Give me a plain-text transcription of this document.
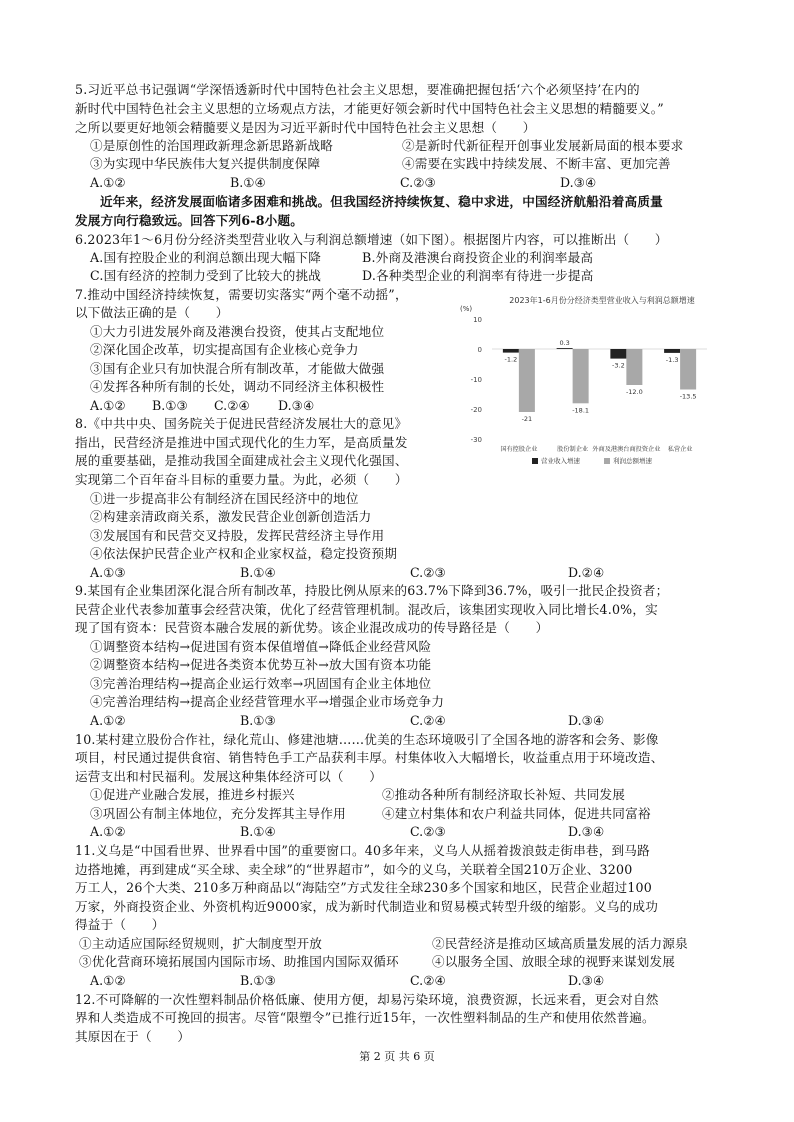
5.习近平总书记强调“学深悟透新时代中国特色社会主义思想，要准确把握包括‘六个必须坚持’在内的
新时代中国特色社会主义思想的立场观点方法，才能更好领会新时代中国特色社会主义思想的精髓要义。”
之所以要更好地领会精髓要义是因为习近平新时代中国特色社会主义思想（　　）
①是原创性的治国理政新理念新思路新战略	②是新时代新征程开创事业发展新局面的根本要求
③为实现中华民族伟大复兴提供制度保障	④需要在实践中持续发展、不断丰富、更加完善
A.①②	B.①④	C.②③	D.③④
近年来，经济发展面临诸多困难和挑战。但我国经济持续恢复、稳中求进，中国经济航船沿着高质量
发展方向行稳致远。回答下列6-8小题。
6.2023年1～6月份分经济类型营业收入与利润总额增速（如下图）。根据图片内容，可以推断出（　　）
A.国有控股企业的利润总额出现大幅下降	B.外商及港澳台商投资企业的利润率最高
C.国有经济的控制力受到了比较大的挑战	D.各种类型企业的利润率有待进一步提高
7.推动中国经济持续恢复，需要切实落实“两个毫不动摇”，
以下做法正确的是（　　）
①大力引进发展外商及港澳台投资，使其占支配地位
②深化国企改革，切实提高国有企业核心竞争力
③国有企业只有加快混合所有制改革，才能做大做强
④发挥各种所有制的长处，调动不同经济主体积极性
A.①② B.①③ C.②④ D.③④
8.《中共中央、国务院关于促进民营经济发展壮大的意见》
指出，民营经济是推进中国式现代化的生力军，是高质量发
展的重要基础，是推动我国全面建成社会主义现代化强国、
实现第二个百年奋斗目标的重要力量。为此，必须（　　）
①进一步提高非公有制经济在国民经济中的地位
②构建亲清政商关系，激发民营企业创新创造活力
③发展国有和民营交叉持股，发挥民营经济主导作用
④依法保护民营企业产权和企业家权益，稳定投资预期
A.①③	B.①④	C.②③	D.②④
9.某国有企业集团深化混合所有制改革，持股比例从原来的63.7%下降到36.7%，吸引一批民企投资者；
民营企业代表参加董事会经营决策，优化了经营管理机制。混改后，该集团实现收入同比增长4.0%，实
现了国有资本：民营资本融合发展的新优势。该企业混改成功的传导路径是（　　）
①调整资本结构→促进国有资本保值增值→降低企业经营风险
②调整资本结构→促进各类资本优势互补→放大国有资本功能
③完善治理结构→提高企业运行效率→巩固国有企业主体地位
④完善治理结构→提高企业经营管理水平→增强企业市场竞争力
A.①②	B.①③	C.②④	D.③④
10.某村建立股份合作社，绿化荒山、修建池塘……优美的生态环境吸引了全国各地的游客和会务、影像
项目，村民通过提供食宿、销售特色手工产品获利丰厚。村集体收入大幅增长，收益重点用于环境改造、
运营支出和村民福利。发展这种集体经济可以（　　）
①促进产业融合发展，推进乡村振兴	②推动各种所有制经济取长补短、共同发展
③巩固公有制主体地位，充分发挥其主导作用	④建立村集体和农户利益共同体，促进共同富裕
A.①②	B.①④	C.②③	D.③④
11.义乌是“中国看世界、世界看中国”的重要窗口。40多年来，义乌人从摇着拨浪鼓走街串巷，到马路
边搭地摊，再到建成“买全球、卖全球”的“世界超市”，如今的义乌，关联着全国210万企业、3200
万工人，26个大类、210多万种商品以“海陆空”方式发往全球230多个国家和地区，民营企业超过100
万家，外商投资企业、外资机构近9000家，成为新时代制造业和贸易模式转型升级的缩影。义乌的成功
得益于（　　）
①主动适应国际经贸规则，扩大制度型开放	②民营经济是推动区域高质量发展的活力源泉
③优化营商环境拓展国内国际市场、助推国内国际双循环	④以服务全国、放眼全球的视野来谋划发展
A.①②	B.①③	C.②④	D.③④
12.不可降解的一次性塑料制品价格低廉、使用方便，却易污染环境，浪费资源，长远来看，更会对自然
界和人类造成不可挽回的损害。尽管“限塑令”已推行近15年，一次性塑料制品的生产和使用依然普遍。
其原因在于（　　）
第 2 页 共 6 页
2023年1-6月份分经济类型营业收入与利润总额增速
(%)
10
0
-10
-20
-30
-1.2
-21
国有控股企业
0.3
-18.1
股份制企业
-3.2
-12.0
外商及港澳台商投资企业
-1.3
-13.5
私营企业
营业收入增速	利润总额增速
